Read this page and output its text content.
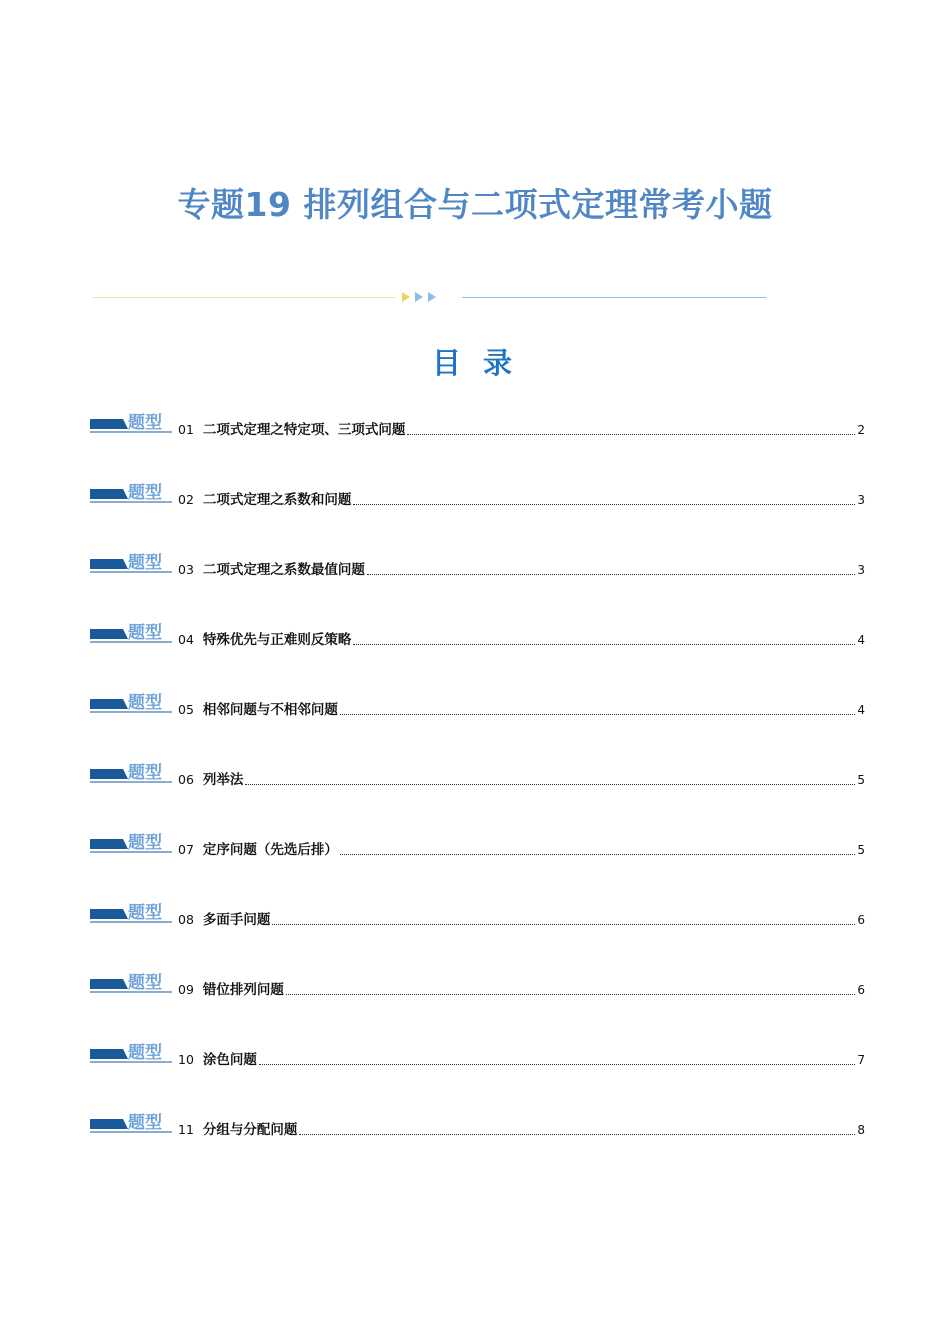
专题19 排列组合与二项式定理常考小题
目 录
题型 01 二项式定理之特定项、三项式问题	2
题型 02 二项式定理之系数和问题	3
题型 03 二项式定理之系数最值问题	3
题型 04 特殊优先与正难则反策略	4
题型 05 相邻问题与不相邻问题	4
题型 06 列举法	5
题型 07 定序问题（先选后排）	5
题型 08 多面手问题	6
题型 09 错位排列问题	6
题型 10 涂色问题	7
题型 11 分组与分配问题	8
